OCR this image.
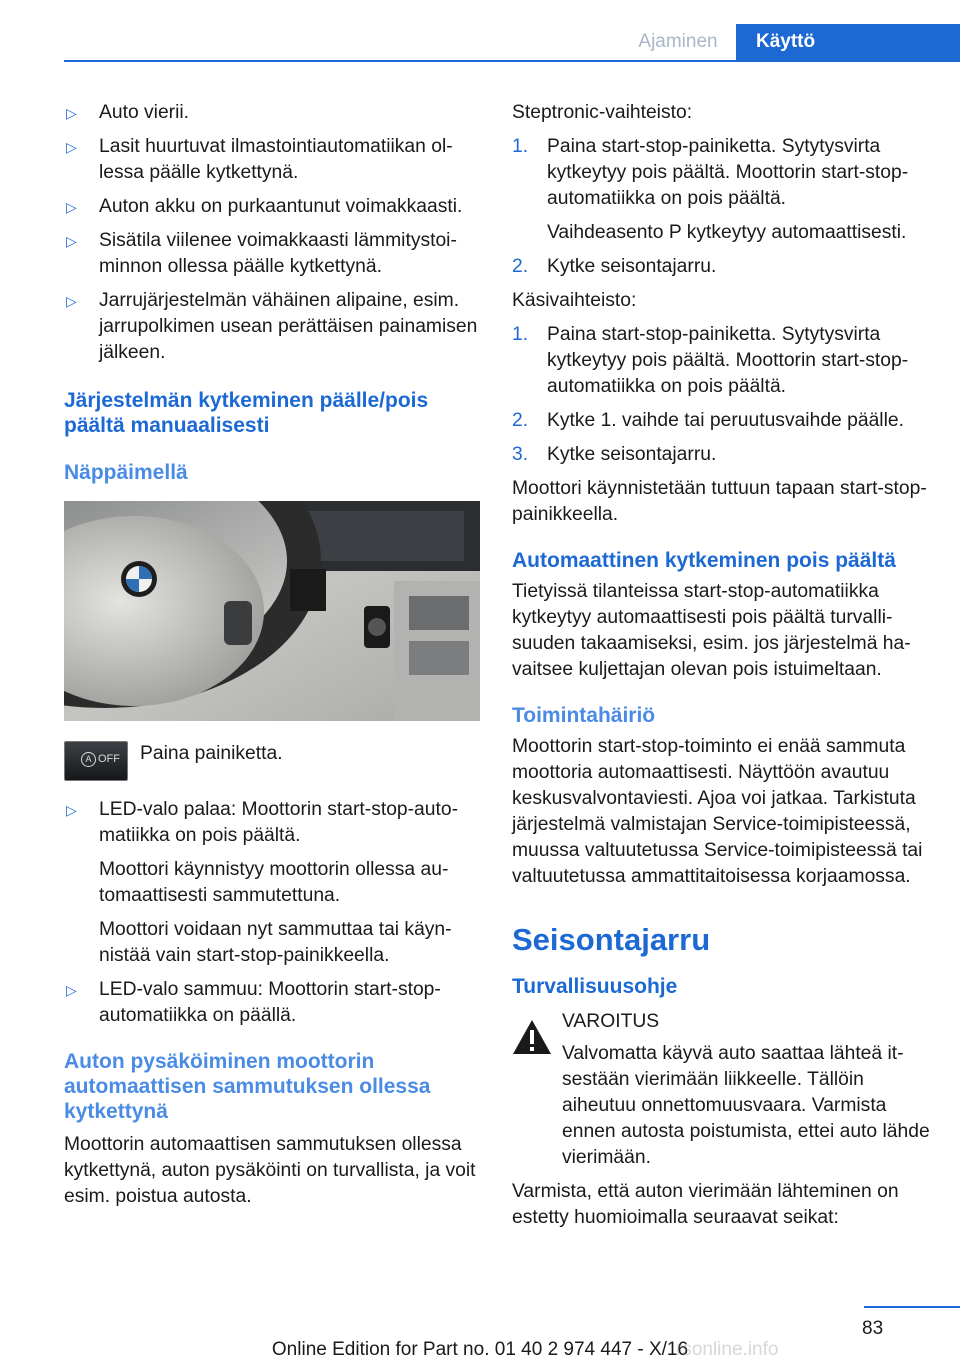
Ajaminen	Käyttö
▷ Auto vierii.

▷ Lasit huurtuvat ilmastointiautomatiikan ollessa päälle kytkettynä.

▷ Auton akku on purkaantunut voimakkaasti.

▷ Sisätila viilenee voimakkaasti lämmitystoiminnon ollessa päälle kytkettynä.

▷ Jarrujärjestelmän vähäinen alipaine, esim. jarrupolkimen usean perättäisen painamisen jälkeen.

Järjestelmän kytkeminen päälle/pois päältä manuaalisesti
Näppäimellä
A OFF Paina painiketta.

▷ LED-valo palaa: Moottorin start-stop-automatiikka on pois päältä.

Moottori käynnistyy moottorin ollessa automaattisesti sammutettuna.

Moottori voidaan nyt sammuttaa tai käynnistää vain start-stop-painikkeella.

▷ LED-valo sammuu: Moottorin start-stop-automatiikka on päällä.

Auton pysäköiminen moottorin automaattisen sammutuksen ollessa kytkettynä

Moottorin automaattisen sammutuksen ollessa kytkettynä, auton pysäköinti on turvallista, ja voit esim. poistua autosta.

Steptronic-vaihteisto:

1. Paina start-stop-painiketta. Sytytysvirta kytkeytyy pois päältä. Moottorin start-stop-automatiikka on pois päältä.

Vaihdeasento P kytkeytyy automaattisesti.

2. Kytke seisontajarru.

Käsivaihteisto:

1. Paina start-stop-painiketta. Sytytysvirta kytkeytyy pois päältä. Moottorin start-stop-automatiikka on pois päältä.

2. Kytke 1. vaihde tai peruutusvaihde päälle.

3. Kytke seisontajarru.

Moottori käynnistetään tuttuun tapaan start-stop-painikkeella.

Automaattinen kytkeminen pois päältä

Tietyissä tilanteissa start-stop-automatiikka kytkeytyy automaattisesti pois päältä turvallisuuden takaamiseksi, esim. jos järjestelmä havaitsee kuljettajan olevan pois istuimeltaan.

Toimintahäiriö

Moottorin start-stop-toiminto ei enää sammuta moottoria automaattisesti. Näyttöön avautuu keskusvalvontaviesti. Ajoa voi jatkaa. Tarkistuta järjestelmä valmistajan Service-toimipisteessä, muussa valtuutetussa Service-toimipisteessä tai valtuutetussa ammattitaitoisessa korjaamossa.

Seisontajarru
Turvallisuusohje

VAROITUS

Valvomatta käyvä auto saattaa lähteä itsestään vierimään liikkeelle. Tällöin aiheutuu onnettomuusvaara. Varmista ennen autosta poistumista, ettei auto lähde vierimään.

Varmista, että auton vierimään lähteminen on estetty huomioimalla seuraavat seikat:

83
Online Edition for Part no. 01 40 2 974 447 - X/16
rsonline.info
